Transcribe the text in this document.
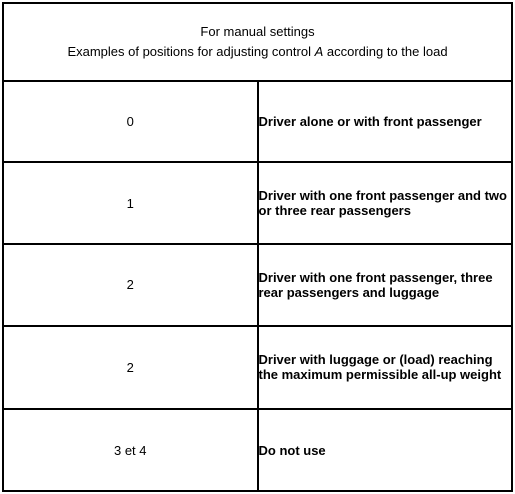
For manual settings
Examples of positions for adjusting control A according to the load	

0	Driver alone or with front passenger
1	Driver with one front passenger and two or three rear passengers
2	Driver with one front passenger, three rear passengers and luggage
2	Driver with luggage or (load) reaching the maximum permissible all-up weight
3 et 4	Do not use
